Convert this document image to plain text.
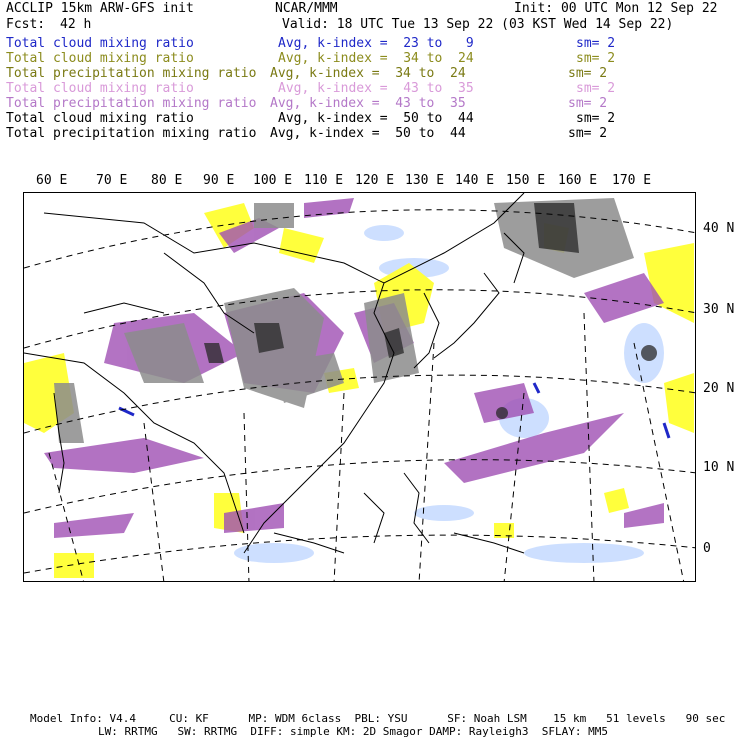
ACCLIP 15km ARW-GFS init	NCAR/MMM	Init: 00 UTC Mon 12 Sep 22
Fcst: 42 h	Valid: 18 UTC Tue 13 Sep 22 (03 KST Wed 14 Sep 22)
Total cloud mixing ratio	Avg, k-index =  23 to   9	sm= 2
Total cloud mixing ratio	Avg, k-index =  34 to  24	sm= 2
Total precipitation mixing ratio Avg, k-index =  34 to  24	sm= 2
Total cloud mixing ratio	Avg, k-index =  43 to  35	sm= 2
Total precipitation mixing ratio Avg, k-index =  43 to  35	sm= 2
Total cloud mixing ratio	Avg, k-index =  50 to  44	sm= 2
Total precipitation mixing ratio Avg, k-index =  50 to  44	sm= 2
60 E 70 E 80 E 90 E 100 E 110 E 120 E 130 E 140 E 150 E 160 E 170 E
40 N
30 N
20 N
10 N
0
Model Info: V4.4     CU: KF      MP: WDM 6class  PBL: YSU      SF: Noah LSM    15 km   51 levels   90 sec
LW: RRTMG   SW: RRTMG  DIFF: simple KM: 2D Smagor DAMP: Rayleigh3  SFLAY: MM5
